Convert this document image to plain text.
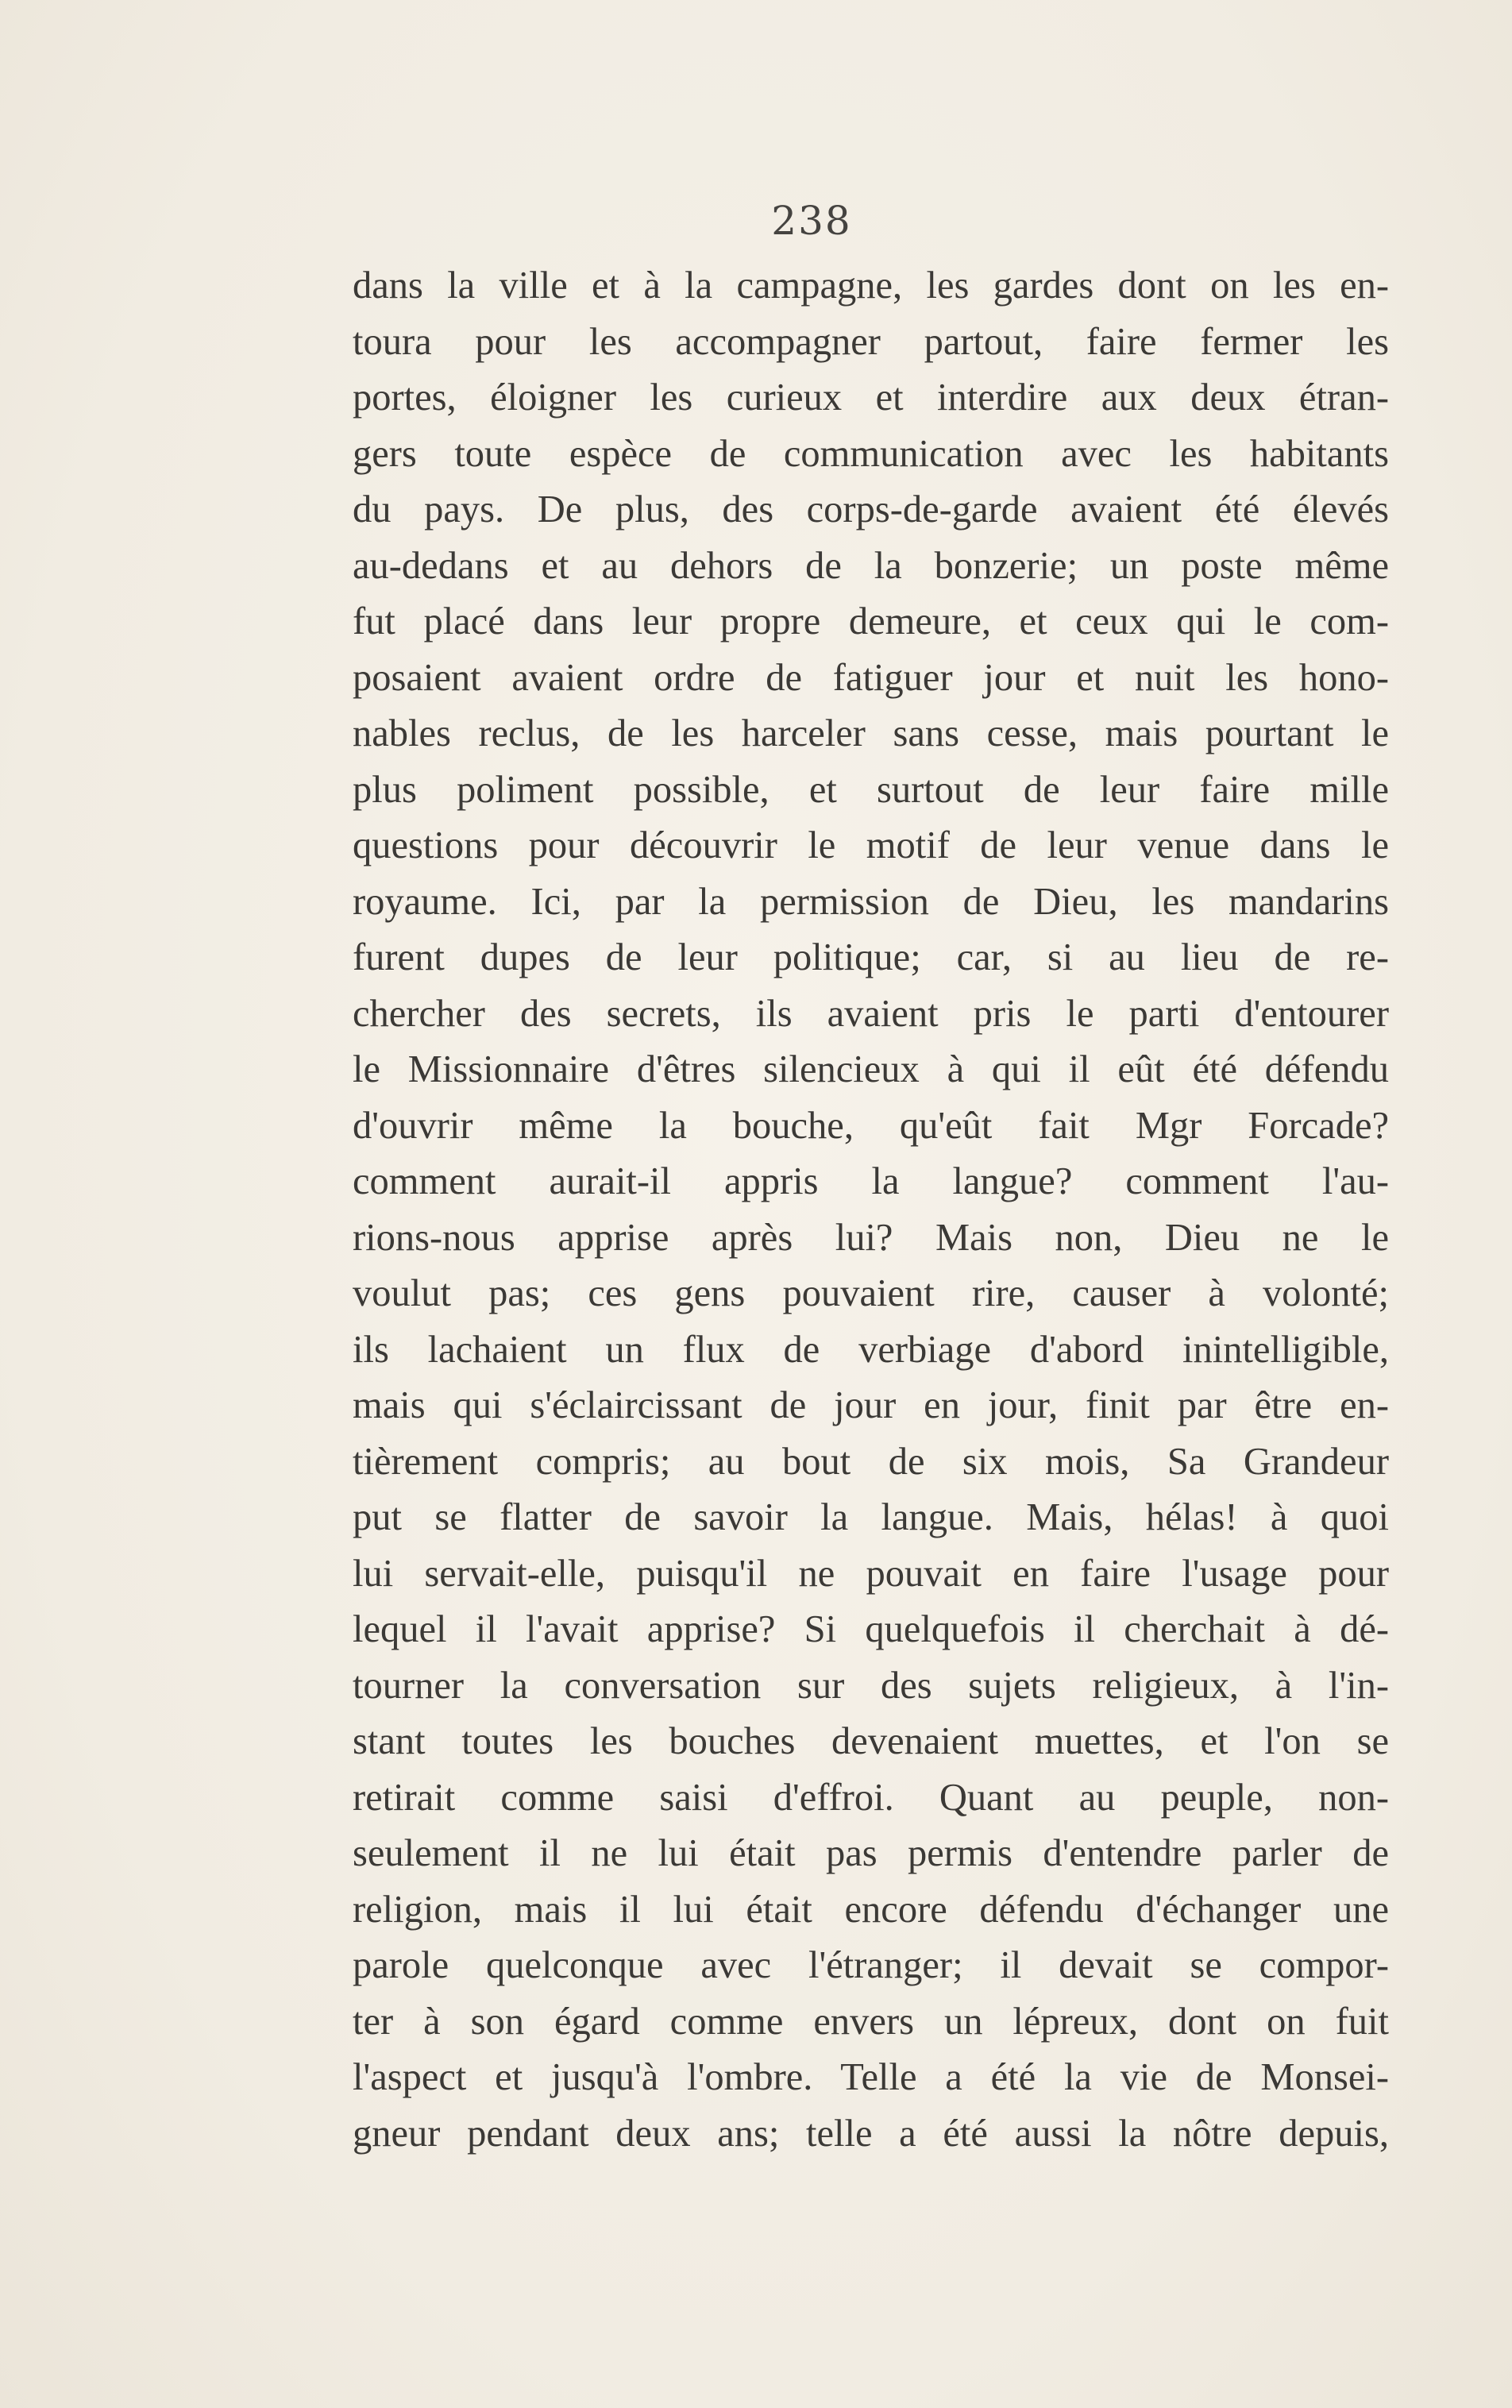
238
dans la ville et à la campagne, les gardes dont on les en-
toura pour les accompagner partout, faire fermer les
portes, éloigner les curieux et interdire aux deux étran-
gers toute espèce de communication avec les habitants
du pays. De plus, des corps-de-garde avaient été élevés
au-dedans et au dehors de la bonzerie; un poste même
fut placé dans leur propre demeure, et ceux qui le com-
posaient avaient ordre de fatiguer jour et nuit les hono-
nables reclus, de les harceler sans cesse, mais pourtant le
plus poliment possible, et surtout de leur faire mille
questions pour découvrir le motif de leur venue dans le
royaume. Ici, par la permission de Dieu, les mandarins
furent dupes de leur politique; car, si au lieu de re-
chercher des secrets, ils avaient pris le parti d'entourer
le Missionnaire d'êtres silencieux à qui il eût été défendu
d'ouvrir même la bouche, qu'eût fait Mgr Forcade?
comment aurait-il appris la langue? comment l'au-
rions-nous apprise après lui? Mais non, Dieu ne le
voulut pas; ces gens pouvaient rire, causer à volonté;
ils lachaient un flux de verbiage d'abord inintelligible,
mais qui s'éclaircissant de jour en jour, finit par être en-
tièrement compris; au bout de six mois, Sa Grandeur
put se flatter de savoir la langue. Mais, hélas! à quoi
lui servait-elle, puisqu'il ne pouvait en faire l'usage pour
lequel il l'avait apprise? Si quelquefois il cherchait à dé-
tourner la conversation sur des sujets religieux, à l'in-
stant toutes les bouches devenaient muettes, et l'on se
retirait comme saisi d'effroi. Quant au peuple, non-
seulement il ne lui était pas permis d'entendre parler de
religion, mais il lui était encore défendu d'échanger une
parole quelconque avec l'étranger; il devait se compor-
ter à son égard comme envers un lépreux, dont on fuit
l'aspect et jusqu'à l'ombre. Telle a été la vie de Monsei-
gneur pendant deux ans; telle a été aussi la nôtre depuis,
